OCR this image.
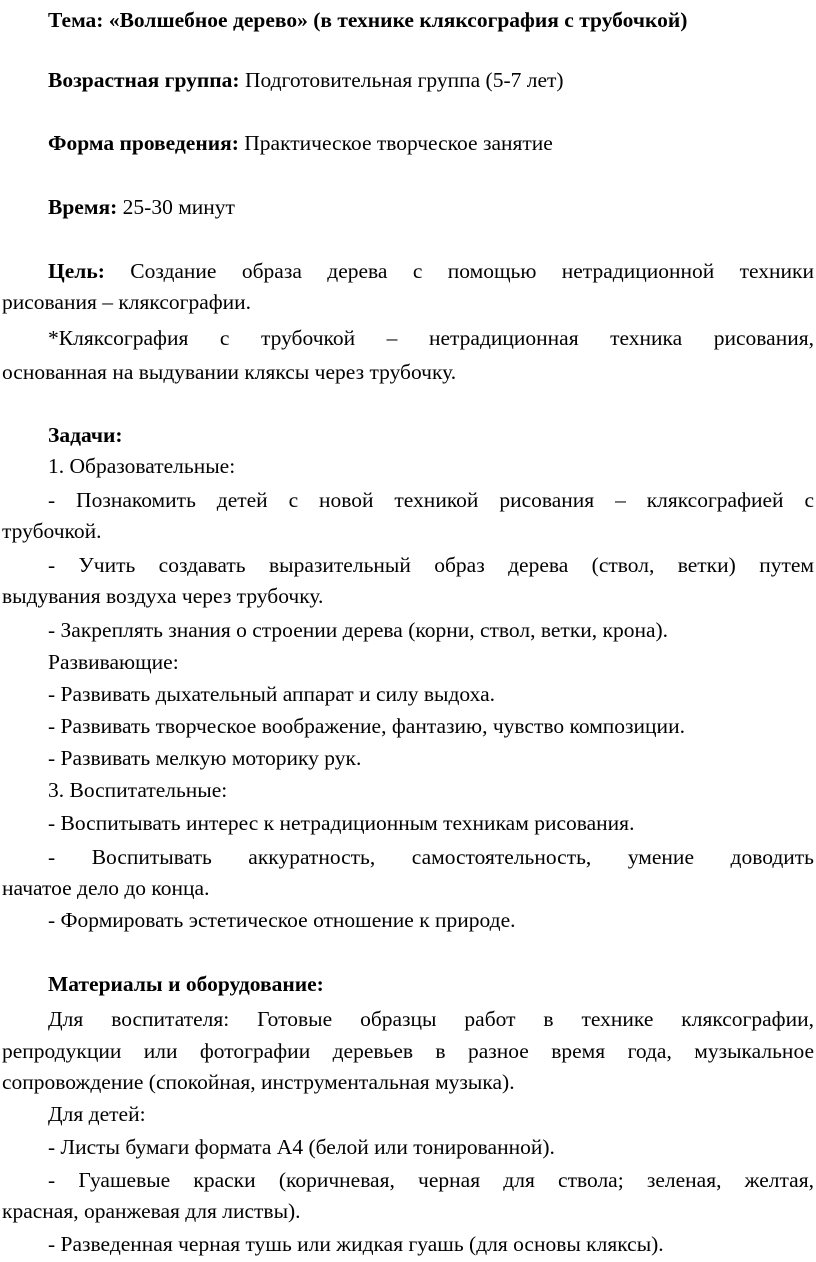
Тема: «Волшебное дерево» (в технике кляксография с трубочкой)
Возрастная группа: Подготовительная группа (5-7 лет)
Форма проведения: Практическое творческое занятие
Время: 25-30 минут
Цель: Создание образа дерева с помощью нетрадиционной техники
рисования – кляксографии.
*Кляксография с трубочкой – нетрадиционная техника рисования,
основанная на выдувании кляксы через трубочку.
Задачи:
1. Образовательные:
- Познакомить детей с новой техникой рисования – кляксографией с
трубочкой.
- Учить создавать выразительный образ дерева (ствол, ветки) путем
выдувания воздуха через трубочку.
- Закреплять знания о строении дерева (корни, ствол, ветки, крона).
Развивающие:
- Развивать дыхательный аппарат и силу выдоха.
- Развивать творческое воображение, фантазию, чувство композиции.
- Развивать мелкую моторику рук.
3. Воспитательные:
- Воспитывать интерес к нетрадиционным техникам рисования.
- Воспитывать аккуратность, самостоятельность, умение доводить
начатое дело до конца.
- Формировать эстетическое отношение к природе.
Материалы и оборудование:
Для воспитателя: Готовые образцы работ в технике кляксографии,
репродукции или фотографии деревьев в разное время года, музыкальное
сопровождение (спокойная, инструментальная музыка).
Для детей:
- Листы бумаги формата А4 (белой или тонированной).
- Гуашевые краски (коричневая, черная для ствола; зеленая, желтая,
красная, оранжевая для листвы).
- Разведенная черная тушь или жидкая гуашь (для основы кляксы).
